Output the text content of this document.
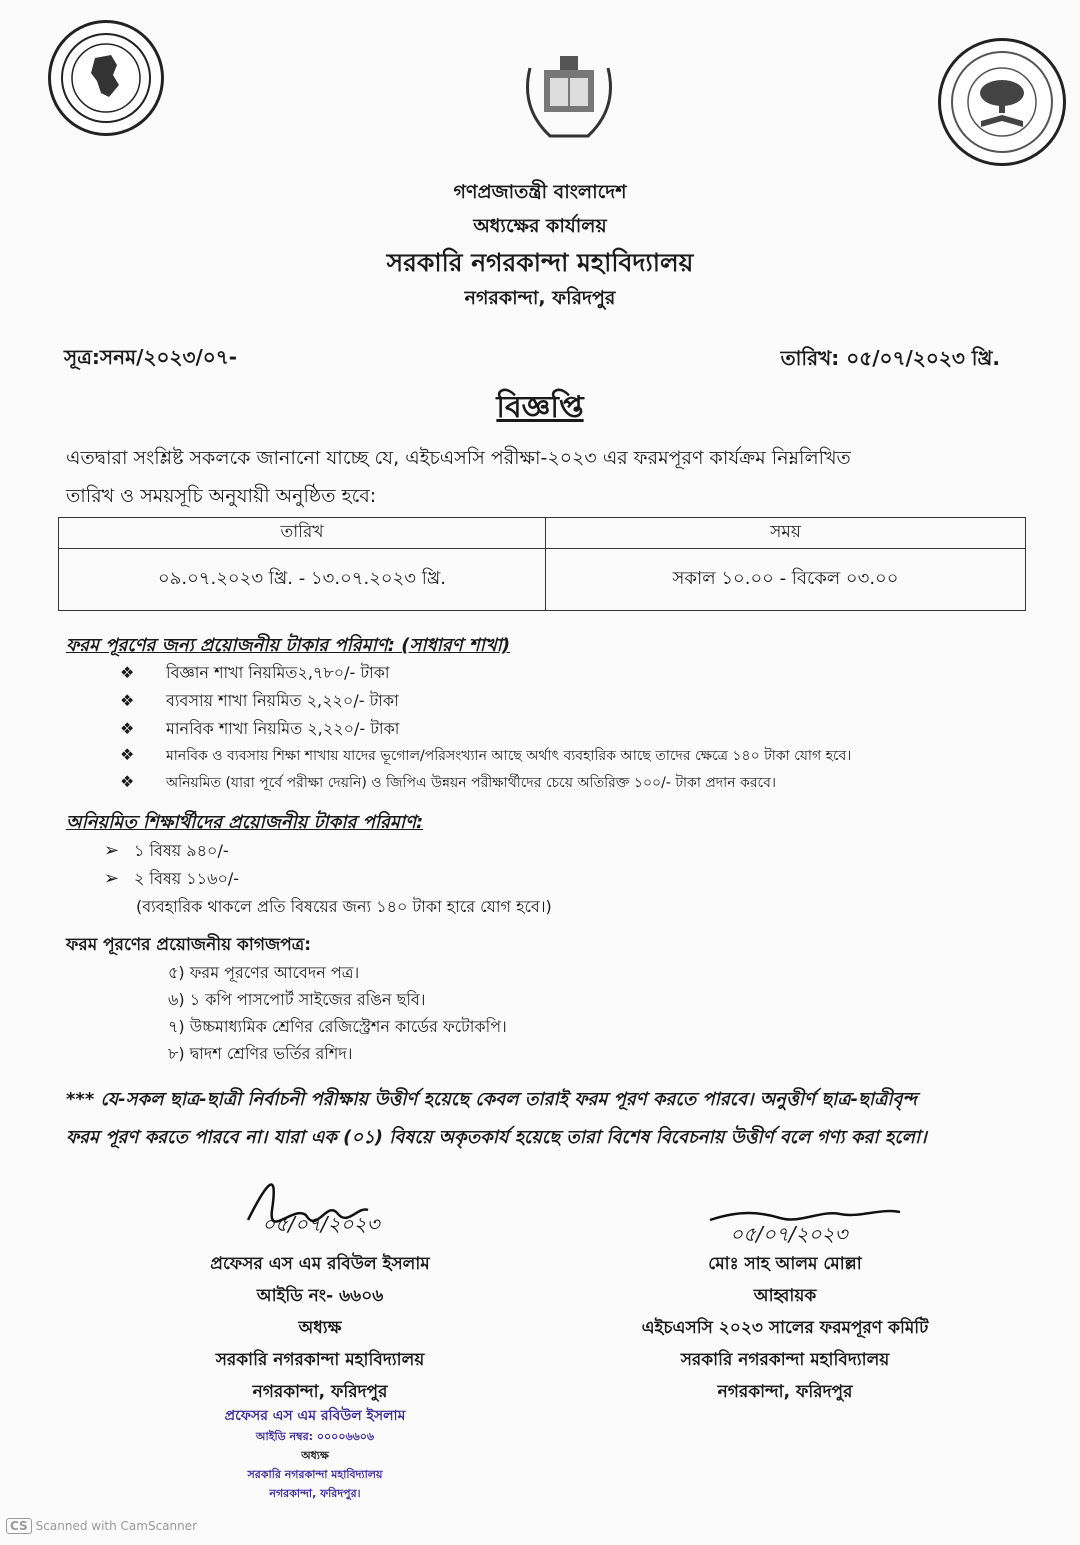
গণপ্রজাতন্ত্রী বাংলাদেশ
অধ্যক্ষের কার্যালয়
সরকারি নগরকান্দা মহাবিদ্যালয়
নগরকান্দা, ফরিদপুর
সূত্র:সনম/২০২৩/০৭-	তারিখ: ০৫/০৭/২০২৩ খ্রি.
বিজ্ঞপ্তি
এতদ্বারা সংশ্লিষ্ট সকলকে জানানো যাচ্ছে যে, এইচএসসি পরীক্ষা-২০২৩ এর ফরমপূরণ কার্যক্রম নিম্নলিখিত
তারিখ ও সময়সূচি অনুযায়ী অনুষ্ঠিত হবে:
তারিখ	সময়
০৯.০৭.২০২৩ খ্রি. - ১৩.০৭.২০২৩ খ্রি.	সকাল ১০.০০ - বিকেল ০৩.০০
ফরম পূরণের জন্য প্রয়োজনীয় টাকার পরিমাণ: (সাধারণ শাখা)
❖ বিজ্ঞান শাখা নিয়মিত২,৭৮০/- টাকা
❖ ব্যবসায় শাখা নিয়মিত ২,২২০/- টাকা
❖ মানবিক শাখা নিয়মিত ২,২২০/- টাকা
❖ মানবিক ও ব্যবসায় শিক্ষা শাখায় যাদের ভূগোল/পরিসংখ্যান আছে অর্থাৎ ব্যবহারিক আছে তাদের ক্ষেত্রে ১৪০ টাকা যোগ হবে।
❖ অনিয়মিত (যারা পূর্বে পরীক্ষা দেয়নি) ও জিপিএ উন্নয়ন পরীক্ষার্থীদের চেয়ে অতিরিক্ত ১০০/- টাকা প্রদান করবে।
অনিয়মিত শিক্ষার্থীদের প্রয়োজনীয় টাকার পরিমাণ:
➢ ১ বিষয় ৯৪০/-
➢ ২ বিষয় ১১৬০/-
(ব্যবহারিক থাকলে প্রতি বিষয়ের জন্য ১৪০ টাকা হারে যোগ হবে।)
ফরম পূরণের প্রয়োজনীয় কাগজপত্র:
৫) ফরম পূরণের আবেদন পত্র।
৬) ১ কপি পাসপোর্ট সাইজের রঙিন ছবি।
৭) উচ্চমাধ্যমিক শ্রেণির রেজিস্ট্রেশন কার্ডের ফটোকপি।
৮) দ্বাদশ শ্রেণির ভর্তির রশিদ।
*** যে-সকল ছাত্র-ছাত্রী নির্বাচনী পরীক্ষায় উত্তীর্ণ হয়েছে কেবল তারাই ফরম পূরণ করতে পারবে। অনুত্তীর্ণ ছাত্র-ছাত্রীবৃন্দ
ফরম পূরণ করতে পারবে না। যারা এক (০১) বিষয়ে অকৃতকার্য হয়েছে তারা বিশেষ বিবেচনায় উত্তীর্ণ বলে গণ্য করা হলো।
০৫/০৭/২০২৩
প্রফেসর এস এম রবিউল ইসলাম
আইডি নং- ৬৬০৬
অধ্যক্ষ
সরকারি নগরকান্দা মহাবিদ্যালয়
নগরকান্দা, ফরিদপুর
প্রফেসর এস এম রবিউল ইসলাম
আইডি নম্বর: ০০০০৬৬০৬
অধ্যক্ষ
সরকারি নগরকান্দা মহাবিদ্যালয়
নগরকান্দা, ফরিদপুর।
০৫/০৭/২০২৩
মোঃ সাহ আলম মোল্লা
আহ্বায়ক
এইচএসসি ২০২৩ সালের ফরমপূরণ কমিটি
সরকারি নগরকান্দা মহাবিদ্যালয়
নগরকান্দা, ফরিদপুর
CS Scanned with CamScanner
